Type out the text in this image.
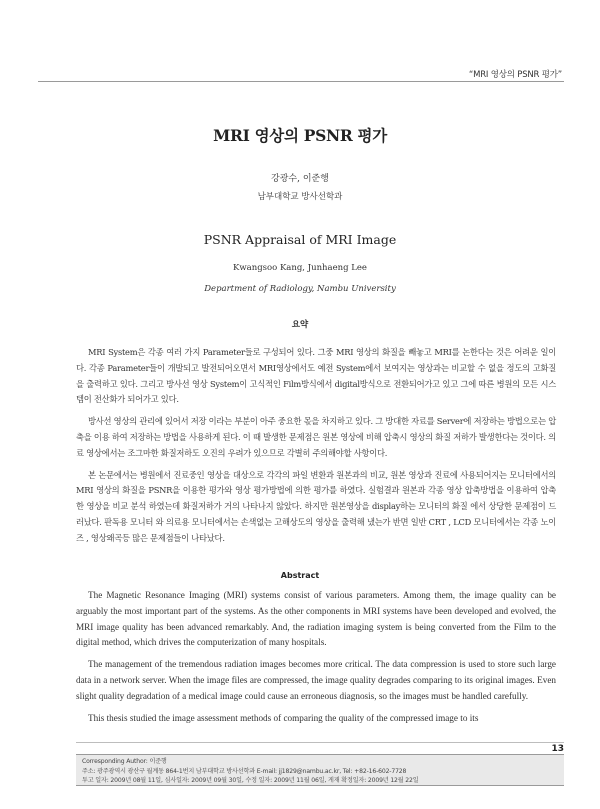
“MRI 영상의 PSNR 평가”
MRI 영상의 PSNR 평가
강광수, 이준행
남부대학교 방사선학과
PSNR Appraisal of MRI Image
Kwangsoo Kang, Junhaeng Lee
Department of Radiology, Nambu University
요약

MRI System은 각종 여러 가지 Parameter들로 구성되어 있다. 그중 MRI 영상의 화질을 빼놓고 MRI를 논한다는 것은 어려운 일이다. 각종 Parameter들이 개발되고 발전되어오면서 MRI영상에서도 예전 System에서 보여지는 영상과는 비교할 수 없을 정도의 고화질을 출력하고 있다. 그리고 방사선 영상 System이 고식적인 Film방식에서 digital방식으로 전환되어가고 있고 그에 따른 병원의 모든 시스템이 전산화가 되어가고 있다.

방사선 영상의 관리에 있어서 저장 이라는 부분이 아주 중요한 몫을 차지하고 있다. 그 방대한 자료를 Server에 저장하는 방법으로는 압축을 이용 하여 저장하는 방법을 사용하게 된다. 이 때 발생한 문제점은 원본 영상에 비해 압축시 영상의 화질 저하가 발생한다는 것이다. 의료 영상에서는 조그마한 화질저하도 오진의 우려가 있으므로 각별히 주의해야할 사항이다.

본 논문에서는 병원에서 진료중인 영상을 대상으로 각각의 파일 변환과 원본과의 비교, 원본 영상과 진료에 사용되어지는 모니터에서의 MRI 영상의 화질을 PSNR을 이용한 평가와 영상 평가방법에 의한 평가를 하였다. 실험결과 원본과 각종 영상 압축방법을 이용하여 압축한 영상을 비교 분석 하였는데 화질저하가 거의 나타나지 않았다. 하지만 원본영상을 display하는 모니터의 화질 에서 상당한 문제점이 드러났다. 판독용 모니터 와 의료용 모니터에서는 손색없는 고해상도의 영상을 출력해 냈는가 반면 일반 CRT , LCD 모니터에서는 각종 노이즈 , 영상왜곡등 많은 문제점들이 나타났다.

Abstract

The Magnetic Resonance Imaging (MRI) systems consist of various parameters. Among them, the image quality can be arguably the most important part of the systems. As the other components in MRI systems have been developed and evolved, the MRI image quality has been advanced remarkably. And, the radiation imaging system is being converted from the Film to the digital method, which drives the computerization of many hospitals.

The management of the tremendous radiation images becomes more critical. The data compression is used to store such large data in a network server. When the image files are compressed, the image quality degrades comparing to its original images. Even slight quality degradation of a medical image could cause an erroneous diagnosis, so the images must be handled carefully.

This thesis studied the image assessment methods of comparing the quality of the compressed image to its

13
Corresponding Author: 이준행
주소: 광주광역시 광산구 월계동 864-1번지 남부대학교 방사선학과 E-mail: jj1829@nambu.ac.kr, Tel: +82-16-602-7728
투고 일자: 2009년 08월 11일, 심사일자: 2009년 09월 30일, 수정 일자: 2009년 11월 06일, 게재 확정일자: 2009년 12월 22일
